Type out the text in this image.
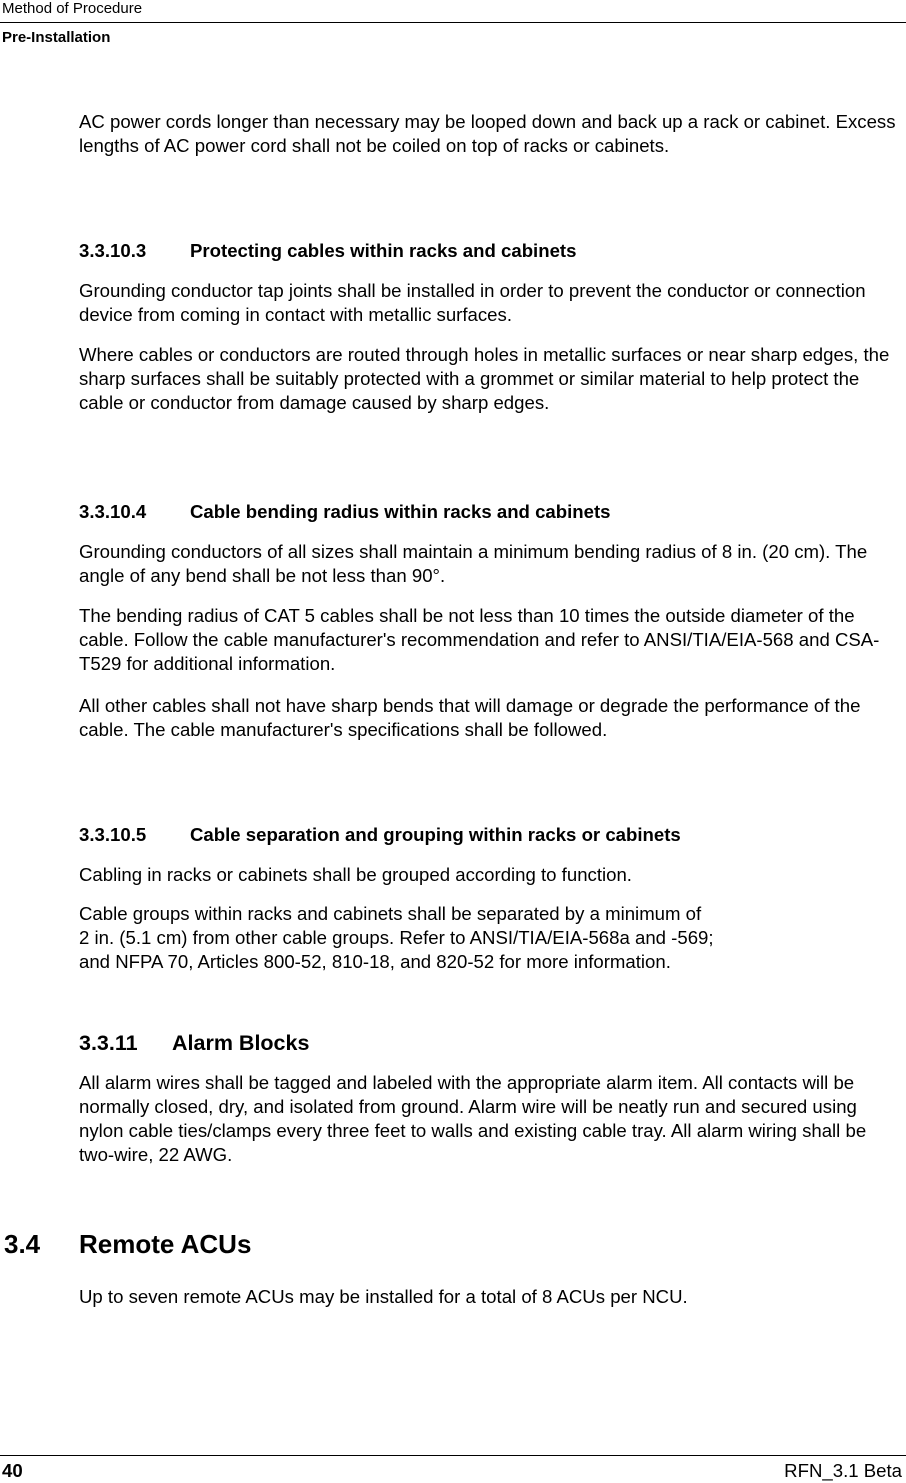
Method of Procedure
Pre-Installation

AC power cords longer than necessary may be looped down and back up a rack or cabinet. Excess lengths of AC power cord shall not be coiled on top of racks or cabinets.

3.3.10.3 Protecting cables within racks and cabinets

Grounding conductor tap joints shall be installed in order to prevent the conductor or connection device from coming in contact with metallic surfaces.

Where cables or conductors are routed through holes in metallic surfaces or near sharp edges, the sharp surfaces shall be suitably protected with a grommet or similar material to help protect the cable or conductor from damage caused by sharp edges.

3.3.10.4 Cable bending radius within racks and cabinets

Grounding conductors of all sizes shall maintain a minimum bending radius of 8 in. (20 cm). The angle of any bend shall be not less than 90°.

The bending radius of CAT 5 cables shall be not less than 10 times the outside diameter of the cable. Follow the cable manufacturer's recommendation and refer to ANSI/TIA/EIA-568 and CSA-T529 for additional information.

All other cables shall not have sharp bends that will damage or degrade the performance of the cable. The cable manufacturer's specifications shall be followed.

3.3.10.5 Cable separation and grouping within racks or cabinets

Cabling in racks or cabinets shall be grouped according to function.

Cable groups within racks and cabinets shall be separated by a minimum of
2 in. (5.1 cm) from other cable groups. Refer to ANSI/TIA/EIA-568a and -569;
and NFPA 70, Articles 800-52, 810-18, and 820-52 for more information.
3.3.11 Alarm Blocks

All alarm wires shall be tagged and labeled with the appropriate alarm item. All contacts will be normally closed, dry, and isolated from ground. Alarm wire will be neatly run and secured using nylon cable ties/clamps every three feet to walls and existing cable tray. All alarm wiring shall be two-wire, 22 AWG.

3.4 Remote ACUs

Up to seven remote ACUs may be installed for a total of 8 ACUs per NCU.

40	RFN_3.1 Beta
